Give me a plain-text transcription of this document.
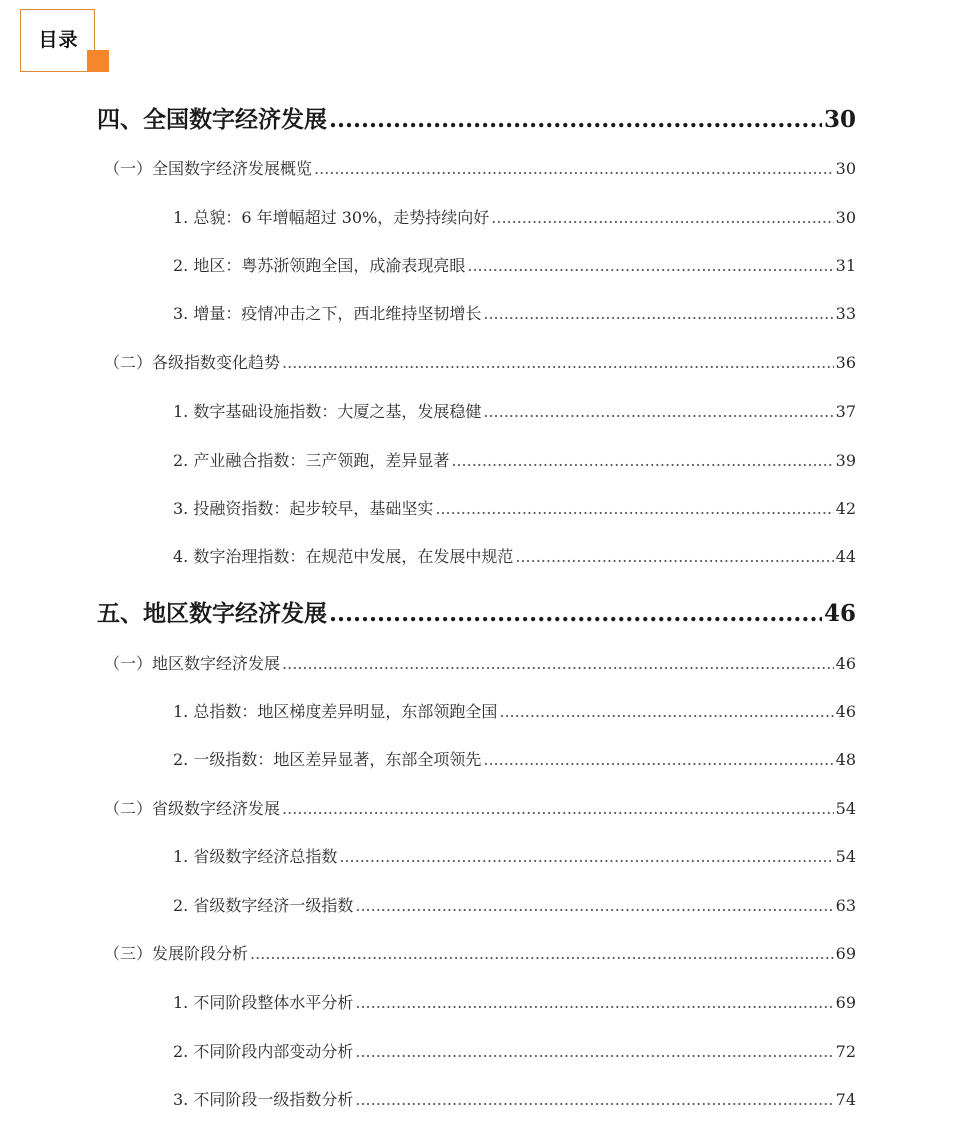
目录
四、全国数字经济发展 .....	30
（一）全国数字经济发展概览 .....	30
1. 总貌：6 年增幅超过 30%，走势持续向好 .....	30
2. 地区：粤苏浙领跑全国，成渝表现亮眼 .....	31
3. 增量：疫情冲击之下，西北维持坚韧增长 .....	33
（二）各级指数变化趋势 .....	36
1. 数字基础设施指数：大厦之基，发展稳健 .....	37
2. 产业融合指数：三产领跑，差异显著 .....	39
3. 投融资指数：起步较早，基础坚实 .....	42
4. 数字治理指数：在规范中发展，在发展中规范 .....	44
五、地区数字经济发展 .....	46
（一）地区数字经济发展 .....	46
1. 总指数：地区梯度差异明显，东部领跑全国 .....	46
2. 一级指数：地区差异显著，东部全项领先 .....	48
（二）省级数字经济发展 .....	54
1. 省级数字经济总指数 .....	54
2. 省级数字经济一级指数 .....	63
（三）发展阶段分析 .....	69
1. 不同阶段整体水平分析 .....	69
2. 不同阶段内部变动分析 .....	72
3. 不同阶段一级指数分析 .....	74
